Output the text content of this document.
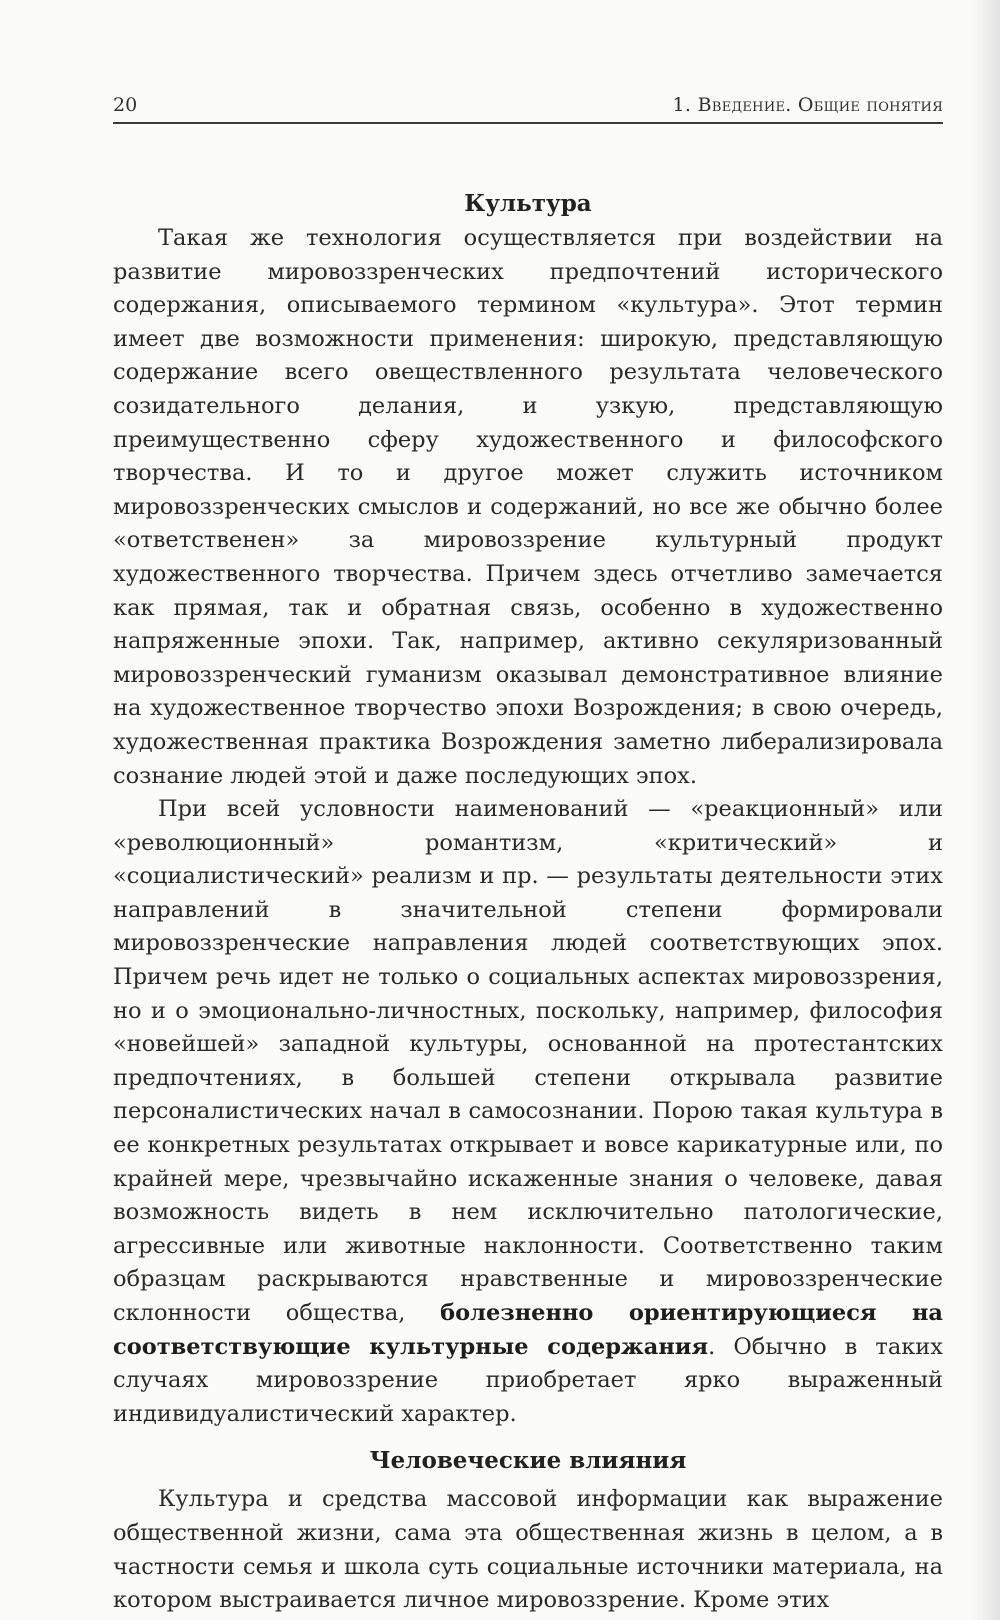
20	1. Введение. Общие понятия
Культура

Такая же технология осуществляется при воздействии на развитие мировоззренческих предпочтений исторического содержания, описываемого термином «культура». Этот термин имеет две возможности применения: широкую, представляющую содержание всего овеществленного результата человеческого созидательного делания, и узкую, представляющую преимущественно сферу художественного и философского творчества. И то и другое может служить источником мировоззренческих смыслов и содержаний, но все же обычно более «ответственен» за мировоззрение культурный продукт художественного творчества. Причем здесь отчетливо замечается как прямая, так и обратная связь, особенно в художественно напряженные эпохи. Так, например, активно секуляризованный мировоззренческий гуманизм оказывал демонстративное влияние на художественное творчество эпохи Возрождения; в свою очередь, художественная практика Возрождения заметно либерализировала сознание людей этой и даже последующих эпох.

При всей условности наименований — «реакционный» или «революционный» романтизм, «критический» и «социалистический» реализм и пр. — результаты деятельности этих направлений в значительной степени формировали мировоззренческие направления людей соответствующих эпох. Причем речь идет не только о социальных аспектах мировоззрения, но и о эмоционально-личностных, поскольку, например, философия «новейшей» западной культуры, основанной на протестантских предпочтениях, в большей степени открывала развитие персоналистических начал в самосознании. Порою такая культура в ее конкретных результатах открывает и вовсе карикатурные или, по крайней мере, чрезвычайно искаженные знания о человеке, давая возможность видеть в нем исключительно патологические, агрессивные или животные наклонности. Соответственно таким образцам раскрываются нравственные и мировоззренческие склонности общества, болезненно ориентирующиеся на соответствующие культурные содержания. Обычно в таких случаях мировоззрение приобретает ярко выраженный индивидуалистический характер.

Человеческие влияния

Культура и средства массовой информации как выражение общественной жизни, сама эта общественная жизнь в целом, а в частности семья и школа суть социальные источники материала, на котором выстраивается личное мировоззрение. Кроме этих
